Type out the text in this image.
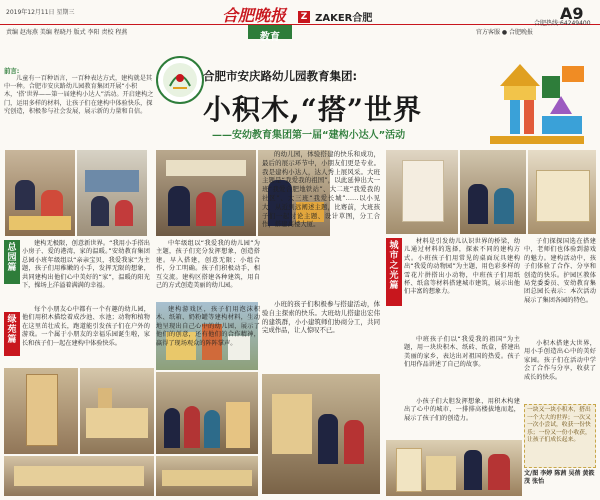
2019年12月11日 星期三	合肥晚报	Z ZAKER合肥	A9
责编 赵海燕 美编 程晓丹 版式 李阳 责校 程燕	教育	官方客服 ● 合肥晚报
合肥热线:64249400
前言:
儿童有一百种语言，一百种表达方式，建构就是其中一种。合肥市安庆路幼儿园教育集团开展“小积木，‘搭’世界——第一届建构小达人”活动。开启建构之门，运用多样的材料，让孩子们在建构中体验快乐，探究创造，积极参与社会发展，展示新的力量和自信。
合肥市安庆路幼儿园教育集团:
小积木,“搭”世界
——安幼教育集团第一届“建构小达人”活动
总园篇

建构无极限，创意新世界。“我用小手搭出小房子、爱的港湾，家的温暖。”安幼教育集团总园小班年级组以“亲亲宝贝，我爱我家”为主题，孩子们用稚嫩的小手，发挥无限的想象，共同建构出他们心中美好的“家”，温暖的阳光下，操场上洋溢着满满的幸福。

中年级组以“我爱我的幼儿园”为主题，孩子们充分发挥想象，创造搭建。早入搭建，创意无限；小组合作，分工明确。孩子们积极动手，相互交流。建构区搭建各种建筑，用自己的方式创造美丽的幼儿园。

绿苑篇

每个小朋友心中都有一个有趣的幼儿园，他们用积木描绘着成沙池、水池；动物和植物在这里茁壮成长，跑道能引发孩子们在户外的游戏。一个属于小朋友的幸福乐园诞生啦，家长和孩子们一起在建构中体验快乐。

建构游戏区，孩子们用泡沫积木、纸箱、奶粉罐等建构材料，生动地呈现出自己心中的幼儿园，展示了他们的创意，还有他们的合作精神，赢得了现场观众的阵阵掌声。

的幼儿园，体验搭建的快乐和成功，最后的展示环节中，小朋友们更是专业。我是建构小达人，达人秀上展风采。大班主题是“我爱我的祖国”，以此延伸出大一班“我爱合肥地铁站”、大二班“我爱我的社区”、大三班“我爱长城”……以小见大，从近到远阐述主题，比赛前，大班孩子们一起讨论主题、设计草图，分工合作，搭建高楼大厦。

小班的孩子们积极参与搭建活动，体验自主探索的快乐。大班幼儿搭建出宏伟的建筑群，小小建筑师们协商分工，共同完成作品，让人惊叹不已。

城市之光篇

材料是引发幼儿认识世界的桥梁，幼儿通过材料的选择，探索不同的建构方式。小班孩子们用常见的桌面玩具建构出“我爱的动物园”为主题，用色彩多样的雪花片拼搭出小动物，中班孩子们用纸杯、纸盒等材料搭建城市建筑，展示出他们丰富的想象力。

子们探探国选在搭建中，老师们也体验到游戏的魅力。建构活动中，孩子们体验了合作、分享和创造的快乐。护园区教体局党委委员、安幼教育集团总园长表示：本次活动展示了集团各园的特色。

中班孩子们以“我爱我的祖国”为主题，用一块块积木、纸砖、纸盒，搭建出美丽的家乡，表达出对祖国的热爱。孩子们用作品讲述了自己的故事。

小孩子们大胆发挥想象，用积木构建出了心中的城市，一排排高楼拔地而起，展示了孩子们的创造力。

小积木搭建大世界，用小手创造出心中的美好家园。孩子们在活动中学会了合作与分享，收获了成长的快乐。

一块又一块小积木，搭出一个大大的世界；一次又一次小尝试，收获一份快乐；一份又一份小收获，让孩子们成长起来。
文/图 李婷 陈茜 吴蓓 黄筱茂 张怡
